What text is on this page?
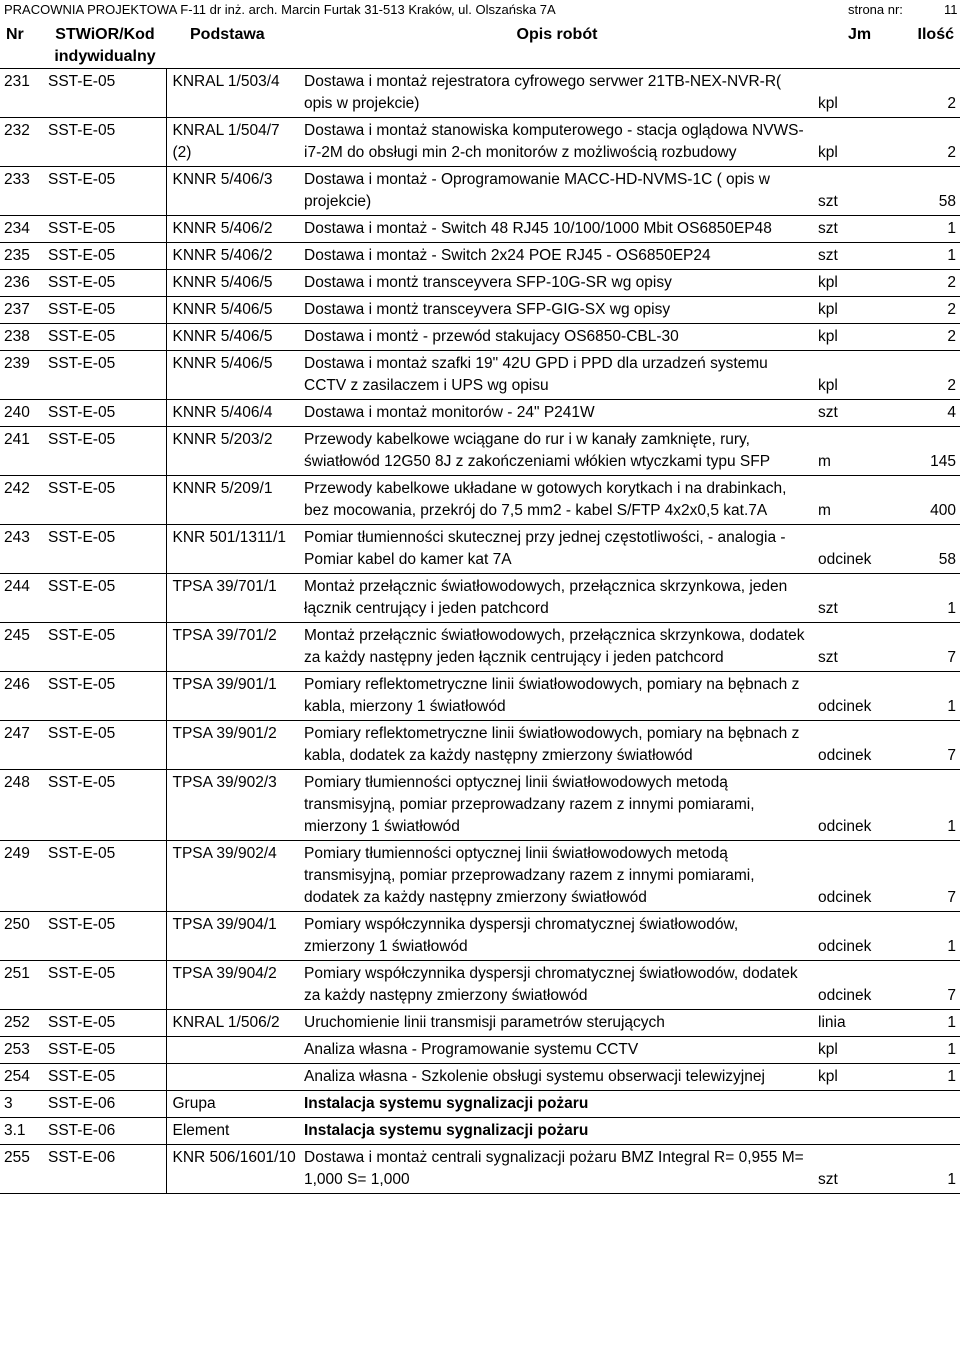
PRACOWNIA PROJEKTOWA F-11 dr inż. arch. Marcin Furtak 31-513 Kraków, ul. Olszańska 7A	strona nr:	11
Nr	STWiOR/Kod indywidualny	Podstawa	Opis robót	Jm	Ilość
231	SST-E-05	KNRAL 1/503/4	Dostawa i montaż rejestratora cyfrowego servwer 21TB-NEX-NVR-R( opis w projekcie)	kpl	2
232	SST-E-05	KNRAL 1/504/7 (2)	Dostawa i montaż stanowiska komputerowego - stacja oglądowa NVWS-i7-2M do obsługi min 2-ch monitorów z możliwością rozbudowy	kpl	2
233	SST-E-05	KNNR 5/406/3	Dostawa i montaż - Oprogramowanie MACC-HD-NVMS-1C ( opis w projekcie)	szt	58
234	SST-E-05	KNNR 5/406/2	Dostawa i montaż - Switch 48 RJ45 10/100/1000 Mbit OS6850EP48	szt	1
235	SST-E-05	KNNR 5/406/2	Dostawa i montaż - Switch 2x24 POE RJ45 - OS6850EP24	szt	1
236	SST-E-05	KNNR 5/406/5	Dostawa i montż transceyvera SFP-10G-SR wg opisy	kpl	2
237	SST-E-05	KNNR 5/406/5	Dostawa i montż transceyvera SFP-GIG-SX wg opisy	kpl	2
238	SST-E-05	KNNR 5/406/5	Dostawa i montż - przewód stakujacy OS6850-CBL-30	kpl	2
239	SST-E-05	KNNR 5/406/5	Dostawa i montaż szafki 19" 42U GPD i PPD dla urzadzeń systemu CCTV z zasilaczem i UPS wg opisu	kpl	2
240	SST-E-05	KNNR 5/406/4	Dostawa i montaż monitorów - 24" P241W	szt	4
241	SST-E-05	KNNR 5/203/2	Przewody kabelkowe wciągane do rur i w kanały zamknięte, rury, światłowód 12G50 8J z zakończeniami włókien wtyczkami typu SFP	m	145
242	SST-E-05	KNNR 5/209/1	Przewody kabelkowe układane w gotowych korytkach i na drabinkach, bez mocowania, przekrój do 7,5 mm2 - kabel S/FTP 4x2x0,5 kat.7A	m	400
243	SST-E-05	KNR 501/1311/1	Pomiar tłumienności skutecznej przy jednej częstotliwości, - analogia - Pomiar kabel do kamer kat 7A	odcinek	58
244	SST-E-05	TPSA 39/701/1	Montaż przełącznic światłowodowych, przełącznica skrzynkowa, jeden łącznik centrujący i jeden patchcord	szt	1
245	SST-E-05	TPSA 39/701/2	Montaż przełącznic światłowodowych, przełącznica skrzynkowa, dodatek za każdy następny jeden łącznik centrujący i jeden patchcord	szt	7
246	SST-E-05	TPSA 39/901/1	Pomiary reflektometryczne linii światłowodowych, pomiary na bębnach z kabla, mierzony 1 światłowód	odcinek	1
247	SST-E-05	TPSA 39/901/2	Pomiary reflektometryczne linii światłowodowych, pomiary na bębnach z kabla, dodatek za każdy następny zmierzony światłowód	odcinek	7
248	SST-E-05	TPSA 39/902/3	Pomiary tłumienności optycznej linii światłowodowych metodą transmisyjną, pomiar przeprowadzany razem z innymi pomiarami, mierzony 1 światłowód	odcinek	1
249	SST-E-05	TPSA 39/902/4	Pomiary tłumienności optycznej linii światłowodowych metodą transmisyjną, pomiar przeprowadzany razem z innymi pomiarami, dodatek za każdy następny zmierzony światłowód	odcinek	7
250	SST-E-05	TPSA 39/904/1	Pomiary współczynnika dyspersji chromatycznej światłowodów, zmierzony 1 światłowód	odcinek	1
251	SST-E-05	TPSA 39/904/2	Pomiary współczynnika dyspersji chromatycznej światłowodów, dodatek za każdy następny zmierzony światłowód	odcinek	7
252	SST-E-05	KNRAL 1/506/2	Uruchomienie linii transmisji parametrów sterujących	linia	1
253	SST-E-05		Analiza własna - Programowanie systemu CCTV	kpl	1
254	SST-E-05		Analiza własna - Szkolenie obsługi systemu obserwacji telewizyjnej	kpl	1
3	SST-E-06	Grupa	Instalacja systemu sygnalizacji pożaru		
3.1	SST-E-06	Element	Instalacja systemu sygnalizacji pożaru		
255	SST-E-06	KNR 506/1601/10	Dostawa i montaż centrali sygnalizacji pożaru BMZ Integral R= 0,955 M= 1,000 S= 1,000	szt	1
